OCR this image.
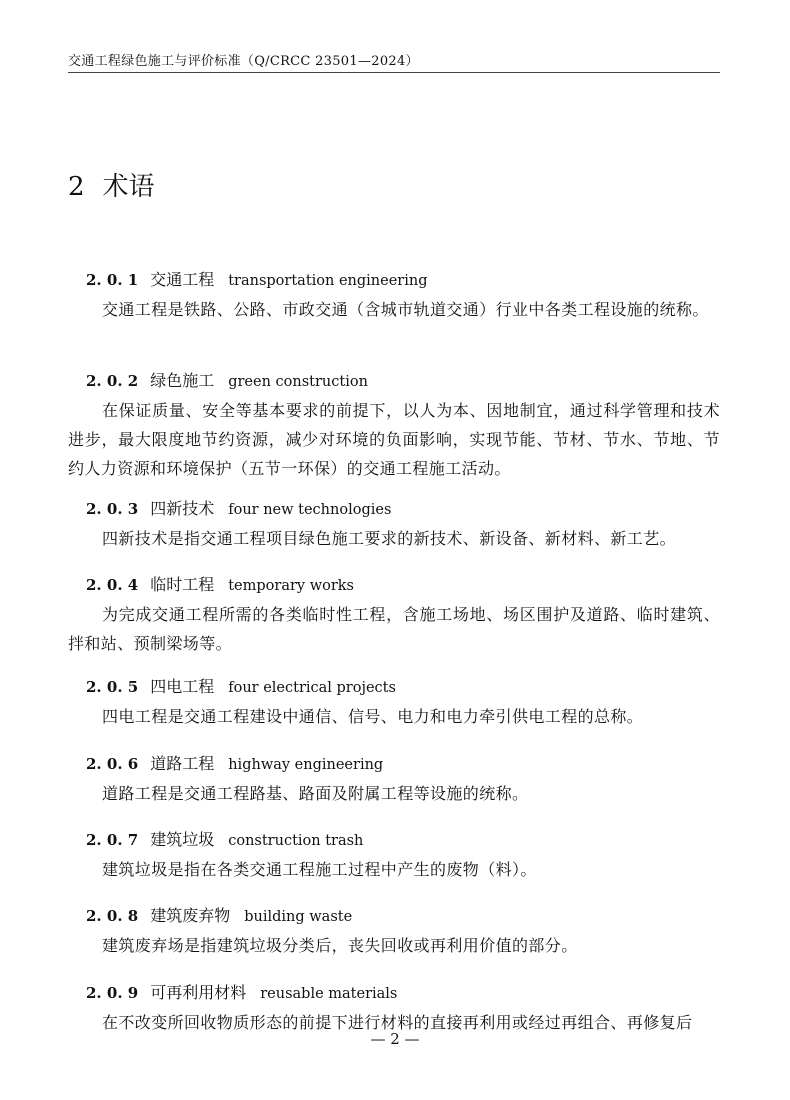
交通工程绿色施工与评价标准（Q/CRCC 23501—2024）
2 术语
2. 0. 1 交通工程 transportation engineering
交通工程是铁路、公路、市政交通（含城市轨道交通）行业中各类工程设施的统称。
2. 0. 2 绿色施工 green construction
在保证质量、安全等基本要求的前提下，以人为本、因地制宜，通过科学管理和技术进步，最大限度地节约资源，减少对环境的负面影响，实现节能、节材、节水、节地、节约人力资源和环境保护（五节一环保）的交通工程施工活动。
2. 0. 3 四新技术 four new technologies
四新技术是指交通工程项目绿色施工要求的新技术、新设备、新材料、新工艺。
2. 0. 4 临时工程 temporary works
为完成交通工程所需的各类临时性工程，含施工场地、场区围护及道路、临时建筑、拌和站、预制梁场等。
2. 0. 5 四电工程 four electrical projects
四电工程是交通工程建设中通信、信号、电力和电力牵引供电工程的总称。
2. 0. 6 道路工程 highway engineering
道路工程是交通工程路基、路面及附属工程等设施的统称。
2. 0. 7 建筑垃圾 construction trash
建筑垃圾是指在各类交通工程施工过程中产生的废物（料）。
2. 0. 8 建筑废弃物 building waste
建筑废弃场是指建筑垃圾分类后，丧失回收或再利用价值的部分。
2. 0. 9 可再利用材料 reusable materials
在不改变所回收物质形态的前提下进行材料的直接再利用或经过再组合、再修复后
— 2 —
